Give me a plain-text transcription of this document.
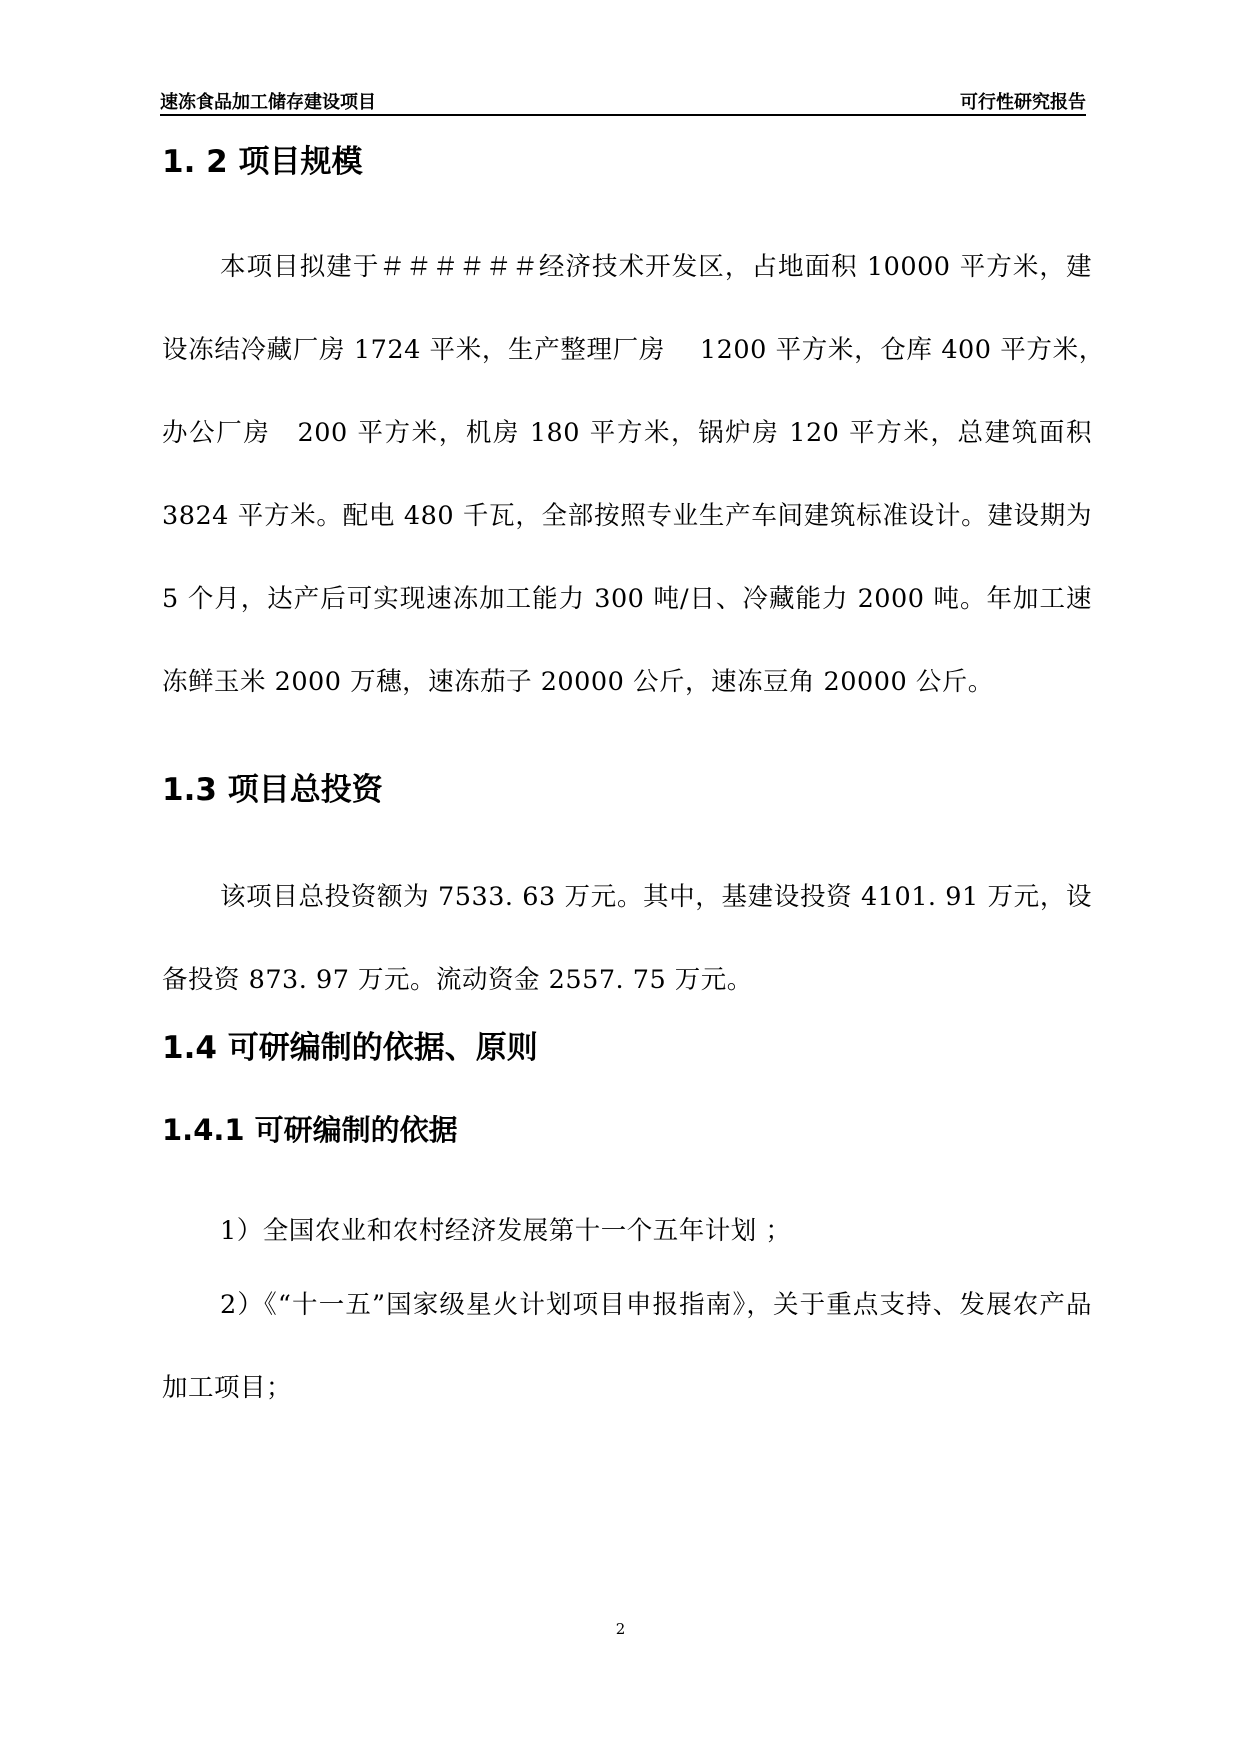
速冻食品加工储存建设项目	可行性研究报告
1. 2 项目规模

本项目拟建于＃＃＃＃＃＃经济技术开发区，占地面积 10000 平方米，建设冻结冷藏厂房 1724 平米，生产整理厂房　 1200 平方米，仓库 400 平方米，　办公厂房　200 平方米，机房 180 平方米，锅炉房 120 平方米，总建筑面积 3824 平方米。配电 480 千瓦，全部按照专业生产车间建筑标准设计。建设期为 5 个月，达产后可实现速冻加工能力 300 吨/日、冷藏能力 2000 吨。年加工速冻鲜玉米 2000 万穗，速冻茄子 20000 公斤，速冻豆角 20000 公斤。

1.3 项目总投资

该项目总投资额为 7533. 63 万元。其中，基建设投资 4101. 91 万元，设备投资 873. 97 万元。流动资金 2557. 75 万元。

1.4 可研编制的依据、原则
1.4.1 可研编制的依据

1）全国农业和农村经济发展第十一个五年计划 ；

2）《“十一五”国家级星火计划项目申报指南》，关于重点支持、发展农产品加工项目；

2
